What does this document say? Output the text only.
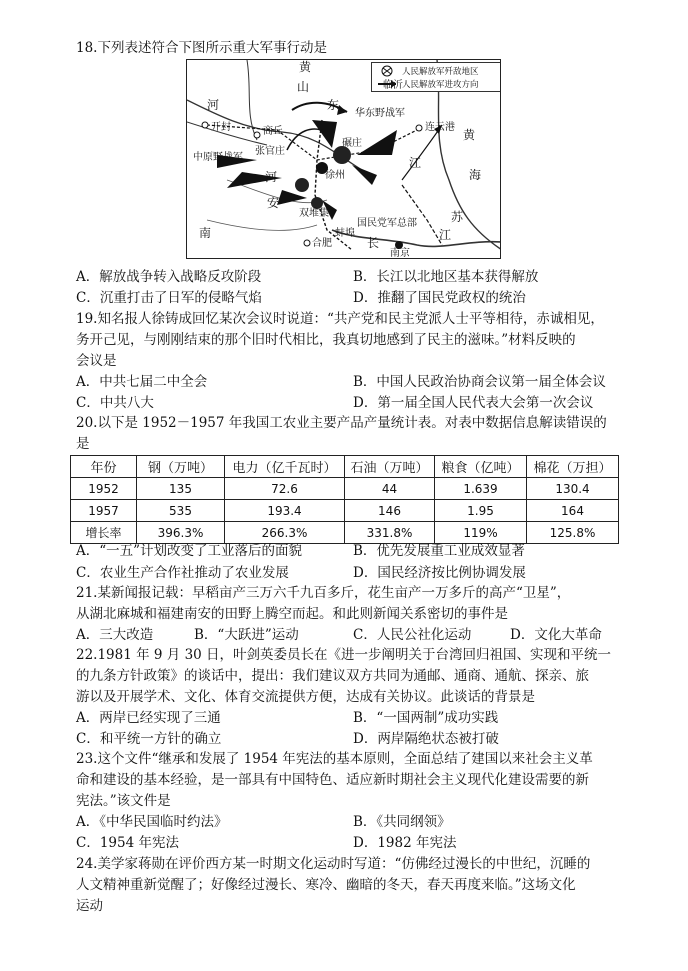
18.下列表述符合下图所示重大军事行动是
人民解放军歼敌地区
人民解放军进攻方向
黄
山
东
河
开封	商丘
华东野战军
临沂
连云港
中原野战军
张官庄
徐州
碾庄
黄
海
江
双堆集
河
蚌埠
安
南
苏
国民党军总部
合肥
南京
江
长
A．解放战争转入战略反攻阶段	B．长江以北地区基本获得解放
C．沉重打击了日军的侵略气焰	D．推翻了国民党政权的统治
19.知名报人徐铸成回忆某次会议时说道：“共产党和民主党派人士平等相待，赤诚相见，
务开己见，与刚刚结束的那个旧时代相比，我真切地感到了民主的滋味。”材料反映的
会议是
A．中共七届二中全会	B．中国人民政治协商会议第一届全体会议
C．中共八大	D．第一届全国人民代表大会第一次会议
20.以下是 1952－1957 年我国工农业主要产品产量统计表。对表中数据信息解读错误的
是
年份	钢（万吨）	电力（亿千瓦时）	石油（万吨）	粮食（亿吨）	棉花（万担）
1952	135	72.6	44	1.639	130.4
1957	535	193.4	146	1.95	164
增长率	396.3%	266.3%	331.8%	119%	125.8%
A．“一五”计划改变了工业落后的面貌	B．优先发展重工业成效显著
C．农业生产合作社推动了农业发展	D．国民经济按比例协调发展
21.某新闻报记载：早稻亩产三万六千九百多斤，花生亩产一万多斤的高产“卫星”，
从湖北麻城和福建南安的田野上腾空而起。和此则新闻关系密切的事件是
A．三大改造	B．“大跃进”运动	C．人民公社化运动	D．文化大革命
22.1981 年 9 月 30 日，叶剑英委员长在《进一步阐明关于台湾回归祖国、实现和平统一
的九条方针政策》的谈话中，提出：我们建议双方共同为通邮、通商、通航、探亲、旅
游以及开展学术、文化、体育交流提供方便，达成有关协议。此谈话的背景是
A．两岸已经实现了三通	B．“一国两制”成功实践
C．和平统一方针的确立	D．两岸隔绝状态被打破
23.这个文件“继承和发展了 1954 年宪法的基本原则，全面总结了建国以来社会主义革
命和建设的基本经验，是一部具有中国特色、适应新时期社会主义现代化建设需要的新
宪法。”该文件是
A．《中华民国临时约法》	B．《共同纲领》
C．1954 年宪法	D．1982 年宪法
24.美学家蒋勋在评价西方某一时期文化运动时写道：“仿佛经过漫长的中世纪，沉睡的
人文精神重新觉醒了；好像经过漫长、寒冷、幽暗的冬天，春天再度来临。”这场文化
运动
